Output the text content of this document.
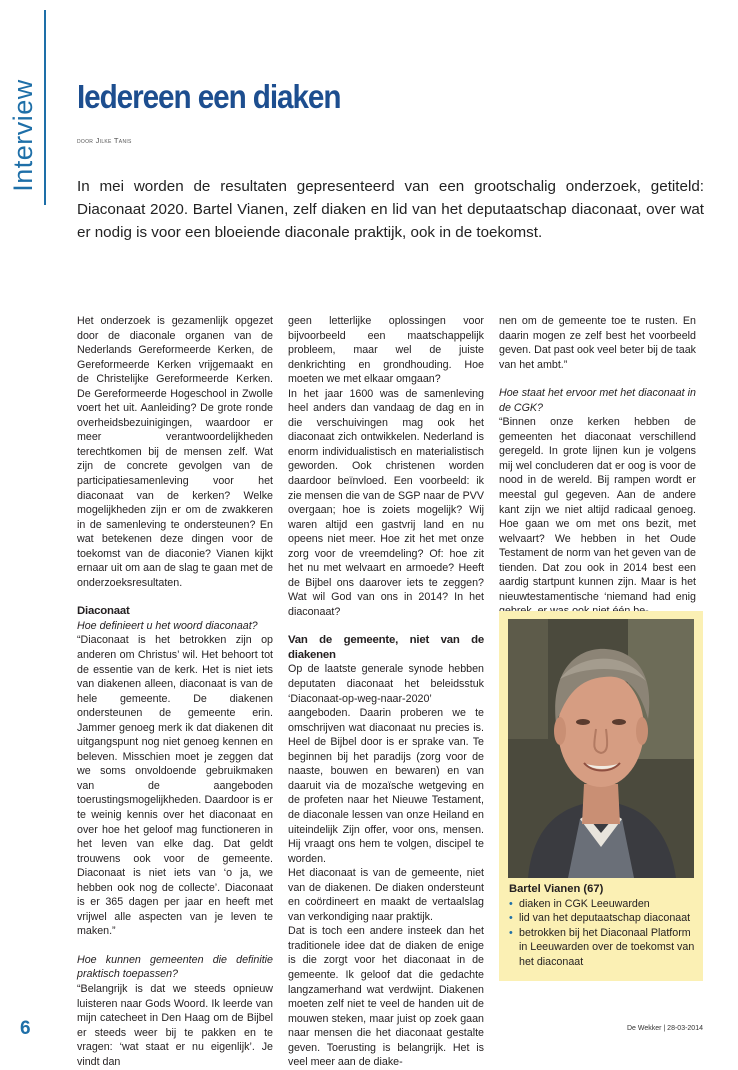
Interview Iedereen een diaken
door Jilke Tanis

In mei worden de resultaten gepresenteerd van een grootschalig onderzoek, getiteld: Diaconaat 2020. Bartel Vianen, zelf diaken en lid van het deputaatschap diaconaat, over wat er nodig is voor een bloeiende diaconale praktijk, ook in de toekomst.

Het onderzoek is gezamenlijk opgezet door de diaconale organen van de Nederlands Gereformeerde Kerken, de Gereformeerde Kerken vrijgemaakt en de Christelijke Gereformeerde Kerken. De Gereformeerde Hogeschool in Zwolle voert het uit. Aanleiding? De grote ronde overheidsbezuinigingen, waardoor er meer verantwoordelijkheden terechtkomen bij de mensen zelf. Wat zijn de concrete gevolgen van de participatiesamenleving voor het diaconaat van de kerken? Welke mogelijkheden zijn er om de zwakkeren in de samenleving te ondersteunen? En wat betekenen deze dingen voor de toekomst van de diaconie? Vianen kijkt ernaar uit om aan de slag te gaan met de onderzoeksresultaten.

Diaconaat

Hoe definieert u het woord diaconaat?

“Diaconaat is het betrokken zijn op anderen om Christus’ wil. Het behoort tot de essentie van de kerk. Het is niet iets van diakenen alleen, diaconaat is van de hele gemeente. De diakenen ondersteunen de gemeente erin. Jammer genoeg merk ik dat diakenen dit uitgangspunt nog niet genoeg kennen en beleven. Misschien moet je zeggen dat we soms onvoldoende gebruikmaken van de aangeboden toerustingsmogelijkheden. Daardoor is er te weinig kennis over het diaconaat en over hoe het geloof mag functioneren in het leven van elke dag. Dat geldt trouwens ook voor de gemeente. Diaconaat is niet iets van ‘o ja, we hebben ook nog de collecte’. Diaconaat is er 365 dagen per jaar en heeft met vrijwel alle aspecten van je leven te maken.”

Hoe kunnen gemeenten die definitie praktisch toepassen?

“Belangrijk is dat we steeds opnieuw luisteren naar Gods Woord. Ik leerde van mijn catecheet in Den Haag om de Bijbel er steeds weer bij te pakken en te vragen: ‘wat staat er nu eigenlijk’. Je vindt dan

geen letterlijke oplossingen voor bijvoorbeeld een maatschappelijk probleem, maar wel de juiste denkrichting en grondhouding. Hoe moeten we met elkaar omgaan?

In het jaar 1600 was de samenleving heel anders dan vandaag de dag en in die verschuivingen mag ook het diaconaat zich ontwikkelen. Nederland is enorm individualistisch en materialistisch geworden. Ook christenen worden daardoor beïnvloed. Een voorbeeld: ik zie mensen die van de SGP naar de PVV overgaan; hoe is zoiets mogelijk? Wij waren altijd een gastvrij land en nu opeens niet meer. Hoe zit het met onze zorg voor de vreemdeling? Of: hoe zit het nu met welvaart en armoede? Heeft de Bijbel ons daarover iets te zeggen? Wat wil God van ons in 2014? In het diaconaat?

Van de gemeente, niet van de diakenen

Op de laatste generale synode hebben deputaten diaconaat het beleidsstuk ‘Diaconaat-op-weg-naar-2020’ aangeboden. Daarin proberen we te omschrijven wat diaconaat nu precies is. Heel de Bijbel door is er sprake van. Te beginnen bij het paradijs (zorg voor de naaste, bouwen en bewaren) en van daaruit via de mozaïsche wetgeving en de profeten naar het Nieuwe Testament, de diaconale lessen van onze Heiland en uiteindelijk Zijn offer, voor ons, mensen. Hij vraagt ons hem te volgen, discipel te worden.

Het diaconaat is van de gemeente, niet van de diakenen. De diaken ondersteunt en coördineert en maakt de vertaalslag van verkondiging naar praktijk.

Dat is toch een andere insteek dan het traditionele idee dat de diaken de enige is die zorgt voor het diaconaat in de gemeente. Ik geloof dat die gedachte langzamerhand wat verdwijnt. Diakenen moeten zelf niet te veel de handen uit de mouwen steken, maar juist op zoek gaan naar mensen die het diaconaat gestalte geven. Toerusting is belangrijk. Het is veel meer aan de diake-

nen om de gemeente toe te rusten. En daarin mogen ze zelf best het voorbeeld geven. Dat past ook veel beter bij de taak van het ambt.”

Hoe staat het ervoor met het diaconaat in de CGK?

“Binnen onze kerken hebben de gemeenten het diaconaat verschillend geregeld. In grote lijnen kun je volgens mij wel concluderen dat er oog is voor de nood in de wereld. Bij rampen wordt er meestal gul gegeven. Aan de andere kant zijn we niet altijd radicaal genoeg. Hoe gaan we om met ons bezit, met welvaart? We hebben in het Oude Testament de norm van het geven van de tienden. Dat zou ook in 2014 best een aardig startpunt kunnen zijn. Maar is het nieuwtestamentische ‘niemand had enig

Bartel Vianen (67)
• diaken in CGK Leeuwarden
• lid van het deputaatschap diaconaat
• betrokken bij het Diaconaal Platform in Leeuwarden over de toekomst van het diaconaat
6	De Wekker | 28-03-2014
